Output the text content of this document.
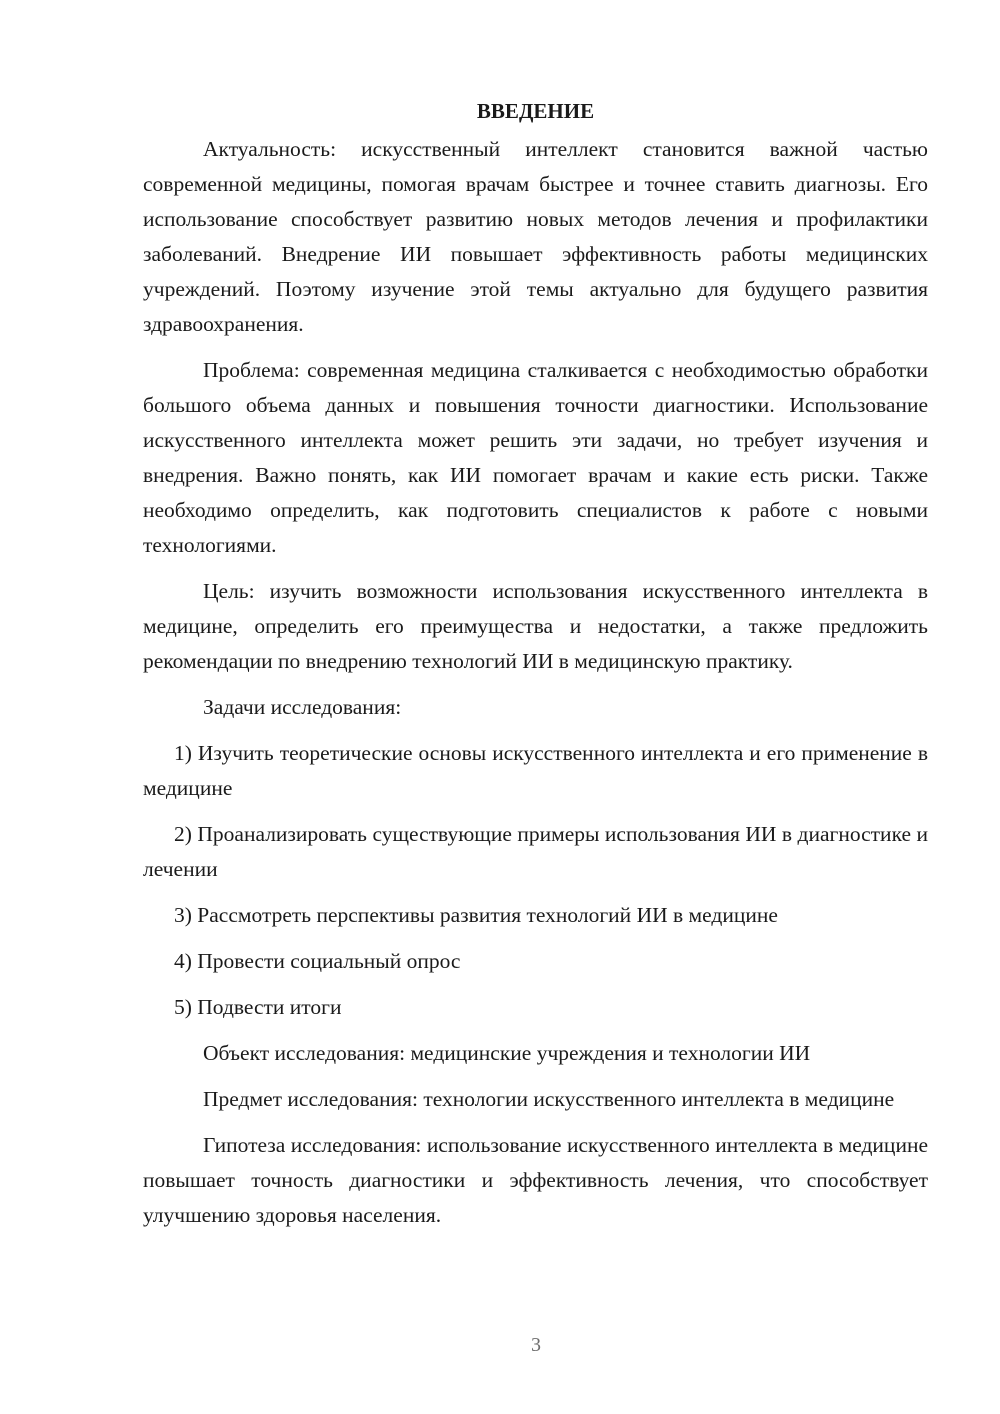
ВВЕДЕНИЕ

Актуальность: искусственный интеллект становится важной частью современной медицины, помогая врачам быстрее и точнее ставить диагнозы. Его использование способствует развитию новых методов лечения и профилактики заболеваний. Внедрение ИИ повышает эффективность работы медицинских учреждений. Поэтому изучение этой темы актуально для будущего развития здравоохранения.

Проблема: современная медицина сталкивается с необходимостью обработки большого объема данных и повышения точности диагностики. Использование искусственного интеллекта может решить эти задачи, но требует изучения и внедрения. Важно понять, как ИИ помогает врачам и какие есть риски. Также необходимо определить, как подготовить специалистов к работе с новыми технологиями.

Цель: изучить возможности использования искусственного интеллекта в медицине, определить его преимущества и недостатки, а также предложить рекомендации по внедрению технологий ИИ в медицинскую практику.

Задачи исследования:

1) Изучить теоретические основы искусственного интеллекта и его применение в медицине

2) Проанализировать существующие примеры использования ИИ в диагностике и лечении

3) Рассмотреть перспективы развития технологий ИИ в медицине

4) Провести социальный опрос

5) Подвести итоги

Объект исследования: медицинские учреждения и технологии ИИ

Предмет исследования: технологии искусственного интеллекта в медицине

Гипотеза исследования: использование искусственного интеллекта в медицине повышает точность диагностики и эффективность лечения, что способствует улучшению здоровья населения.

3
